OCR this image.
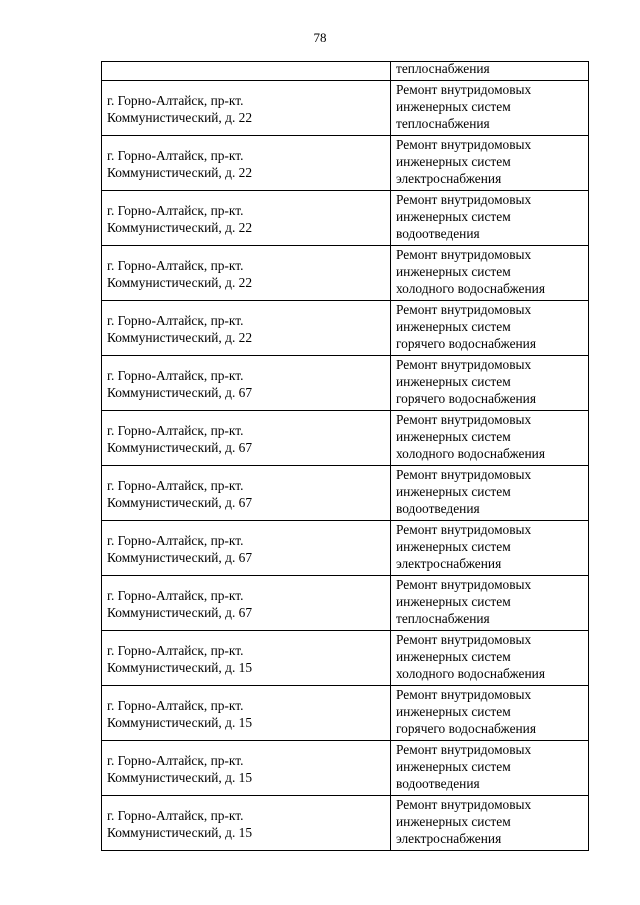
78
	теплоснабжения

г. Горно-Алтайск, пр-кт.
Коммунистический, д. 22	Ремонт внутридомовых
инженерных систем
теплоснабжения

г. Горно-Алтайск, пр-кт.
Коммунистический, д. 22	Ремонт внутридомовых
инженерных систем
электроснабжения

г. Горно-Алтайск, пр-кт.
Коммунистический, д. 22	Ремонт внутридомовых
инженерных систем
водоотведения

г. Горно-Алтайск, пр-кт.
Коммунистический, д. 22	Ремонт внутридомовых
инженерных систем
холодного водоснабжения

г. Горно-Алтайск, пр-кт.
Коммунистический, д. 22	Ремонт внутридомовых
инженерных систем
горячего водоснабжения

г. Горно-Алтайск, пр-кт.
Коммунистический, д. 67	Ремонт внутридомовых
инженерных систем
горячего водоснабжения

г. Горно-Алтайск, пр-кт.
Коммунистический, д. 67	Ремонт внутридомовых
инженерных систем
холодного водоснабжения

г. Горно-Алтайск, пр-кт.
Коммунистический, д. 67	Ремонт внутридомовых
инженерных систем
водоотведения

г. Горно-Алтайск, пр-кт.
Коммунистический, д. 67	Ремонт внутридомовых
инженерных систем
электроснабжения

г. Горно-Алтайск, пр-кт.
Коммунистический, д. 67	Ремонт внутридомовых
инженерных систем
теплоснабжения

г. Горно-Алтайск, пр-кт.
Коммунистический, д. 15	Ремонт внутридомовых
инженерных систем
холодного водоснабжения

г. Горно-Алтайск, пр-кт.
Коммунистический, д. 15	Ремонт внутридомовых
инженерных систем
горячего водоснабжения

г. Горно-Алтайск, пр-кт.
Коммунистический, д. 15	Ремонт внутридомовых
инженерных систем
водоотведения

г. Горно-Алтайск, пр-кт.
Коммунистический, д. 15	Ремонт внутридомовых
инженерных систем
электроснабжения
